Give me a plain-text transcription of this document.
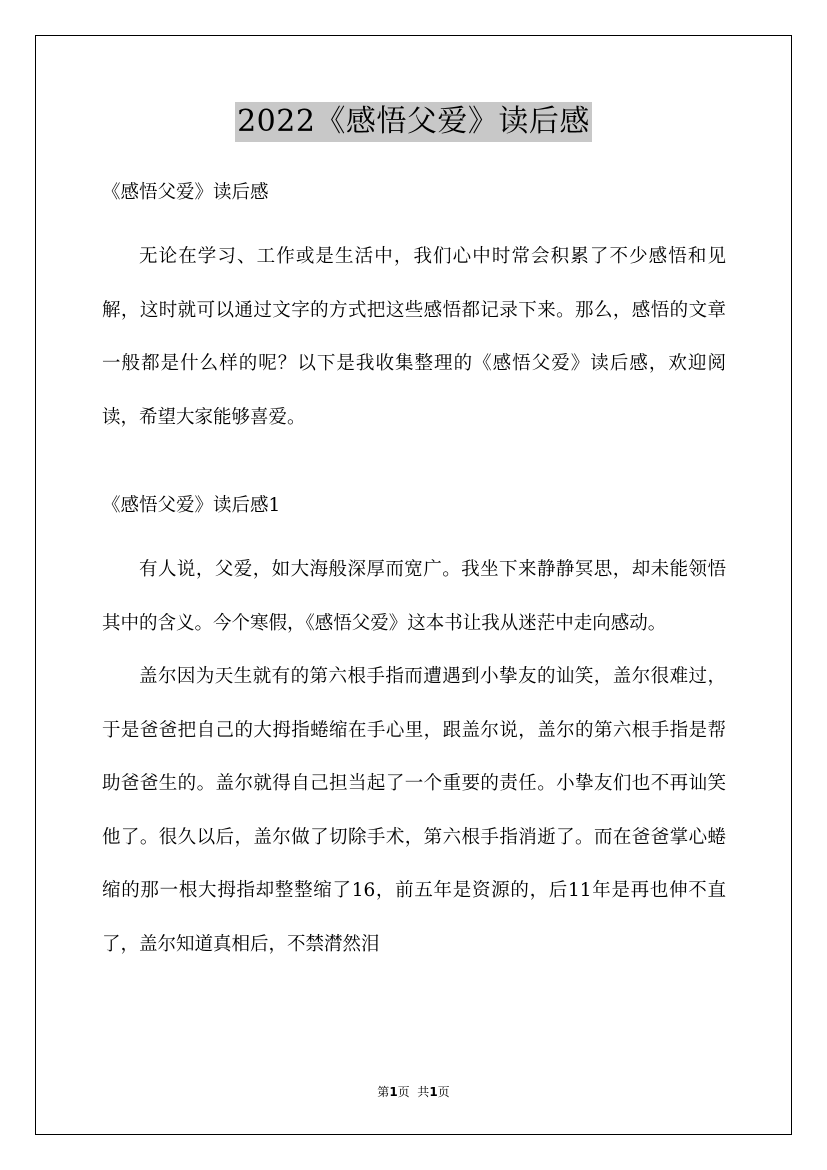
2022《感悟父爱》读后感

《感悟父爱》读后感

无论在学习、工作或是生活中，我们心中时常会积累了不少感悟和见解，这时就可以通过文字的方式把这些感悟都记录下来。那么，感悟的文章一般都是什么样的呢？以下是我收集整理的《感悟父爱》读后感，欢迎阅读，希望大家能够喜爱。

《感悟父爱》读后感1

有人说，父爱，如大海般深厚而宽广。我坐下来静静冥思，却未能领悟其中的含义。今个寒假，《感悟父爱》这本书让我从迷茫中走向感动。

盖尔因为天生就有的第六根手指而遭遇到小挚友的讪笑，盖尔很难过，于是爸爸把自己的大拇指蜷缩在手心里，跟盖尔说，盖尔的第六根手指是帮助爸爸生的。盖尔就得自己担当起了一个重要的责任。小挚友们也不再讪笑他了。很久以后，盖尔做了切除手术，第六根手指消逝了。而在爸爸掌心蜷缩的那一根大拇指却整整缩了16，前五年是资源的，后11年是再也伸不直了，盖尔知道真相后，不禁潸然泪

第1页  共1页
